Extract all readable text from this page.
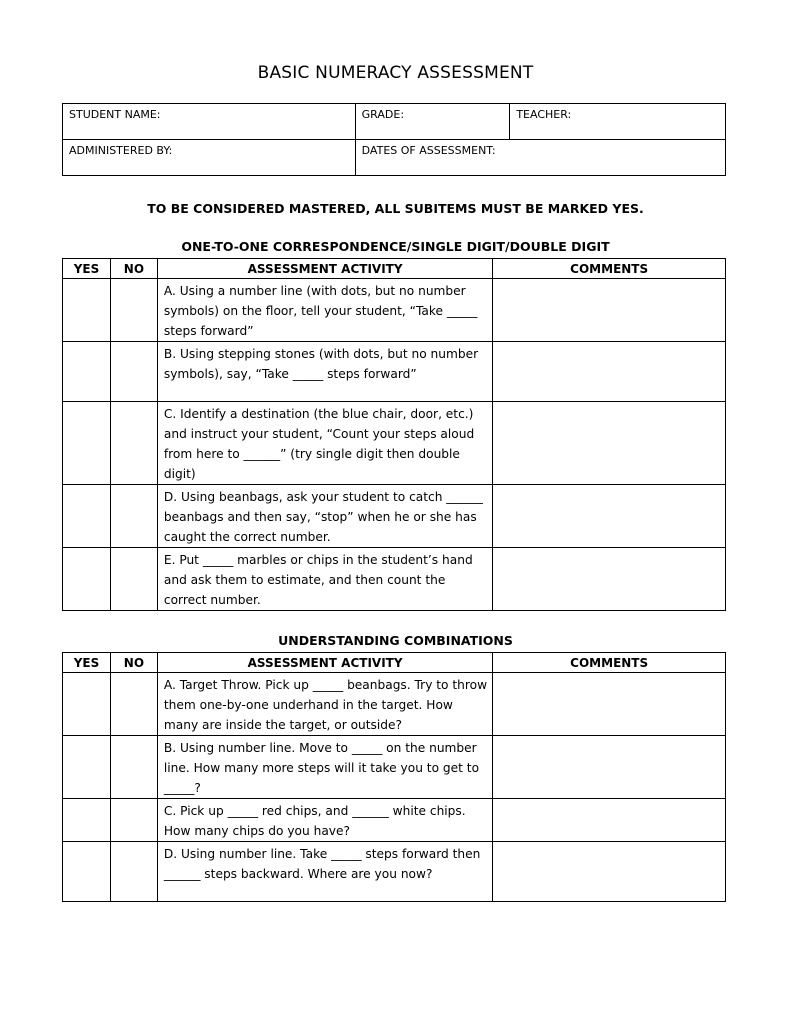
BASIC NUMERACY ASSESSMENT
STUDENT NAME:	GRADE:	TEACHER:
ADMINISTERED BY:	DATES OF ASSESSMENT:	
TO BE CONSIDERED MASTERED, ALL SUBITEMS MUST BE MARKED YES.
ONE-TO-ONE CORRESPONDENCE/SINGLE DIGIT/DOUBLE DIGIT
YES	NO	ASSESSMENT ACTIVITY	COMMENTS
		A. Using a number line (with dots, but no number symbols) on the floor, tell your student, “Take _____ steps forward”	
		B. Using stepping stones (with dots, but no number symbols), say, “Take _____ steps forward”	
		C. Identify a destination (the blue chair, door, etc.) and instruct your student, “Count your steps aloud from here to ______” (try single digit then double digit)	
		D. Using beanbags, ask your student to catch ______ beanbags and then say, “stop” when he or she has caught the correct number.	
		E. Put _____ marbles or chips in the student’s hand and ask them to estimate, and then count the correct number.	
UNDERSTANDING COMBINATIONS
YES	NO	ASSESSMENT ACTIVITY	COMMENTS
		A. Target Throw. Pick up _____ beanbags. Try to throw them one-by-one underhand in the target. How many are inside the target, or outside?	
		B. Using number line. Move to _____ on the number line. How many more steps will it take you to get to _____?	
		C. Pick up _____ red chips, and ______ white chips. How many chips do you have?	
		D. Using number line. Take _____ steps forward then ______ steps backward. Where are you now?	
